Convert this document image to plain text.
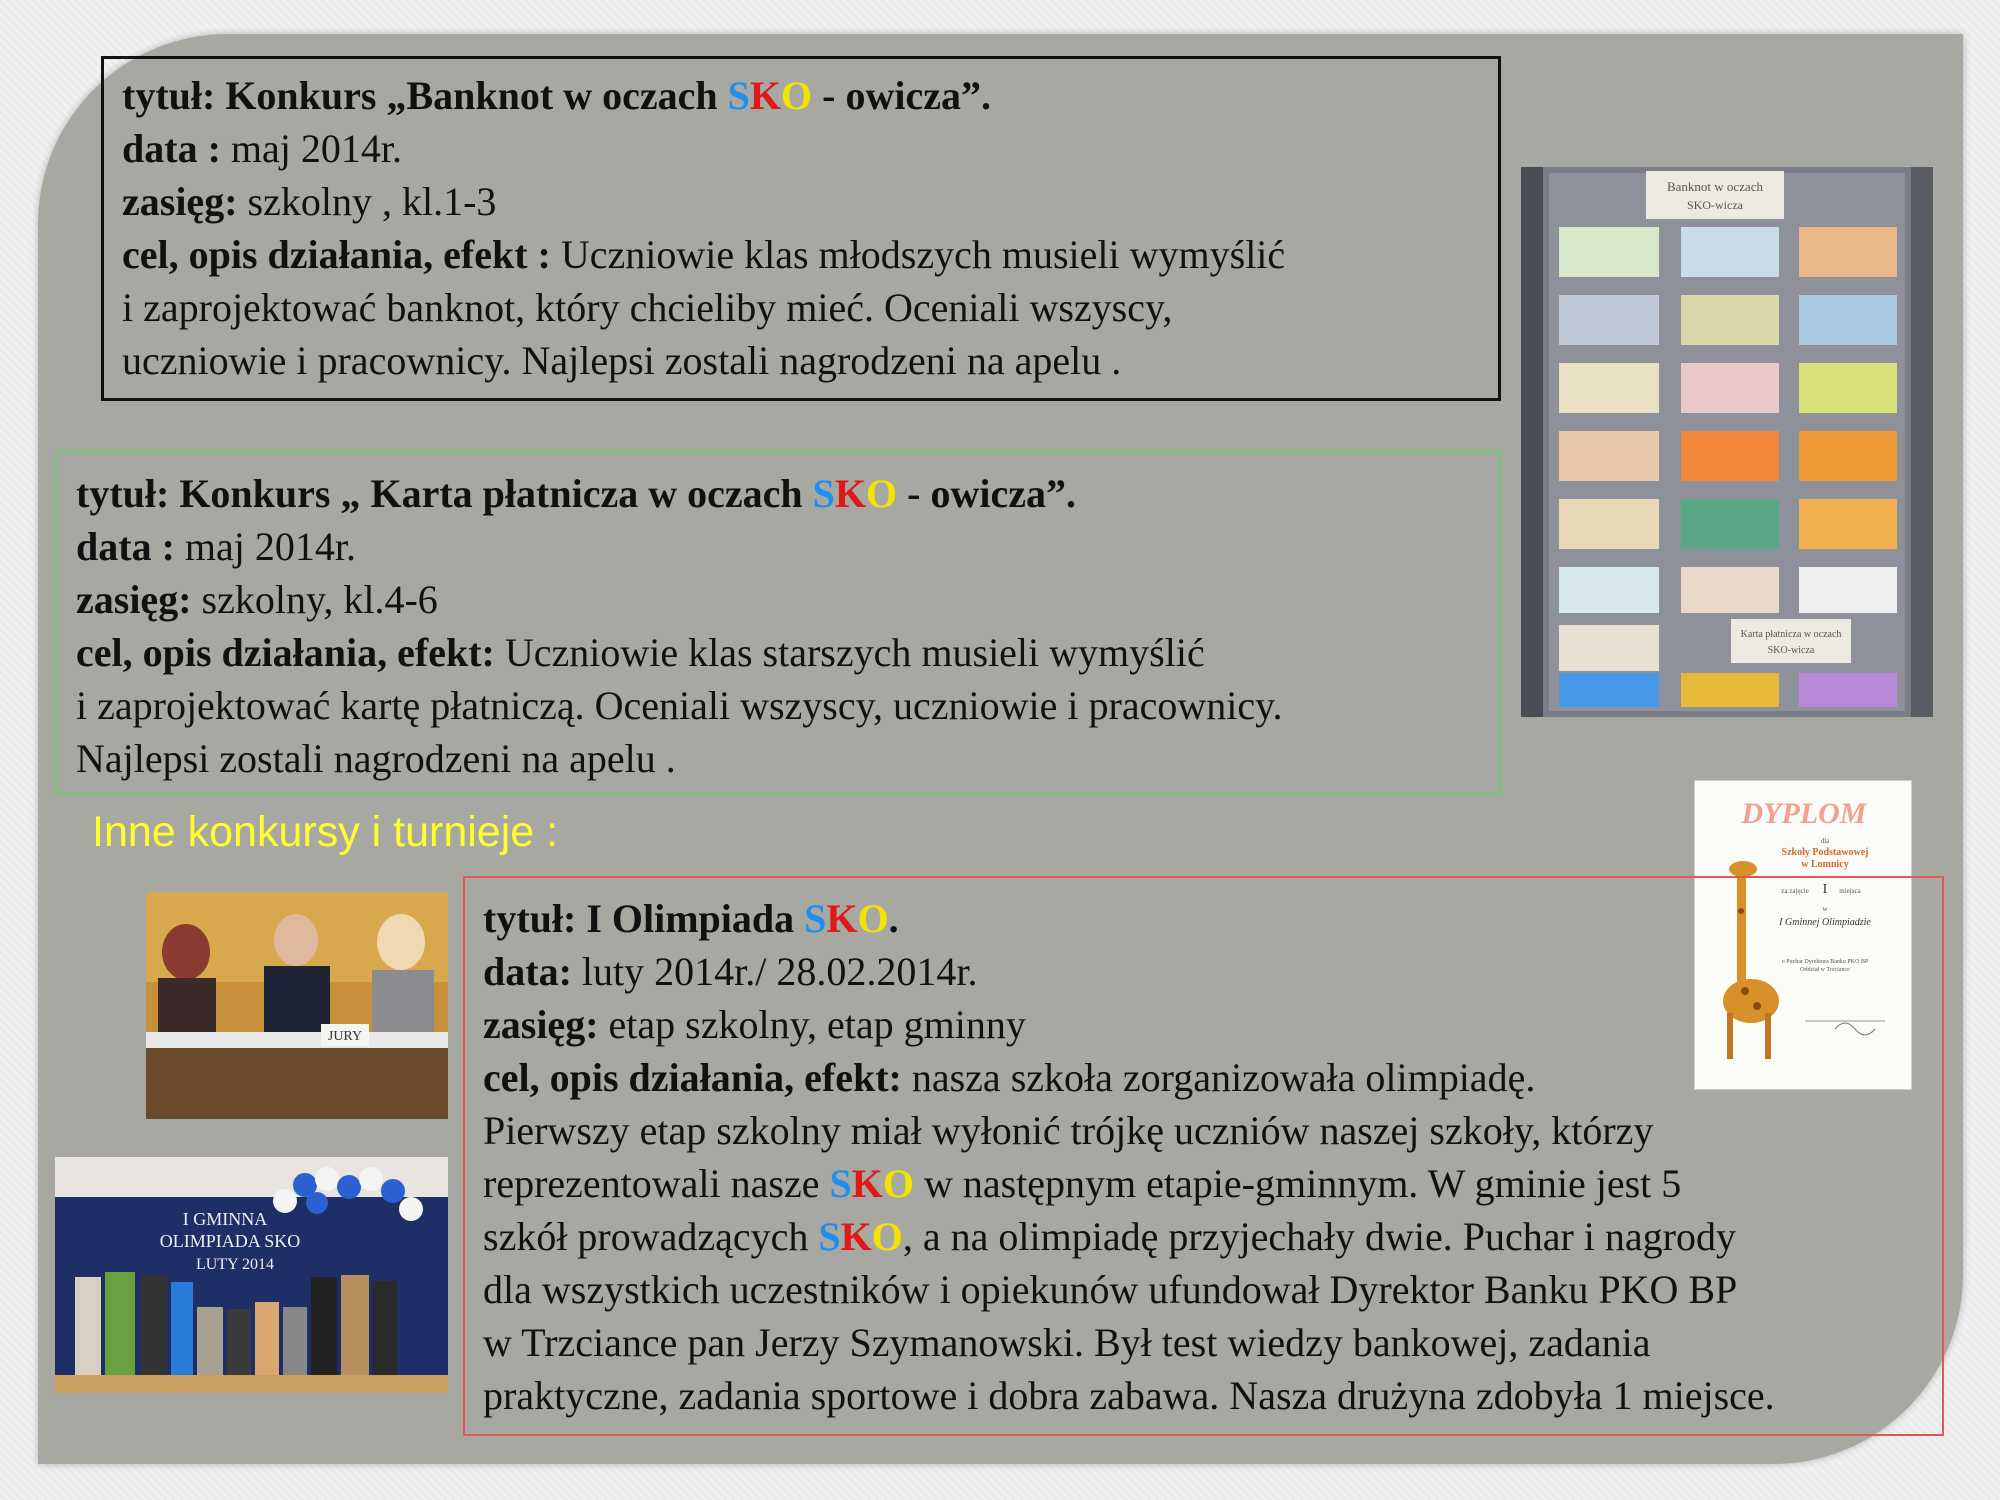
tytuł: Konkurs „Banknot w oczach SKO - owicza”.
data : maj 2014r.
zasięg: szkolny , kl.1-3
cel, opis działania, efekt : Uczniowie klas młodszych musieli wymyślić
i zaprojektować banknot, który chcieliby mieć. Oceniali wszyscy,
uczniowie i pracownicy. Najlepsi zostali nagrodzeni na apelu .
tytuł: Konkurs „ Karta płatnicza w oczach SKO - owicza”.
data : maj 2014r.
zasięg: szkolny, kl.4-6
cel, opis działania, efekt: Uczniowie klas starszych musieli wymyślić
i zaprojektować kartę płatniczą. Oceniali wszyscy, uczniowie i pracownicy.
Najlepsi zostali nagrodzeni na apelu .
Banknot w oczach
SKO-wicza
Karta płatnicza w oczach
SKO-wicza
Inne konkursy i turnieje :	DYPLOM
dla
Szkoły Podstawowej
w Lomnicy
za zajęcie I miejsca
w
I Gminnej Olimpiadzie
o Puchar Dyrektora Banku PKO BP
Oddział w Trzciance
JURY
I GMINNA
OLIMPIADA SKO
LUTY 2014
tytuł: I Olimpiada SKO.
data: luty 2014r./ 28.02.2014r.
zasięg: etap szkolny, etap gminny
cel, opis działania, efekt: nasza szkoła zorganizowała olimpiadę.
Pierwszy etap szkolny miał wyłonić trójkę uczniów naszej szkoły, którzy
reprezentowali nasze SKO w następnym etapie-gminnym. W gminie jest 5
szkół prowadzących SKO, a na olimpiadę przyjechały dwie. Puchar i nagrody
dla wszystkich uczestników i opiekunów ufundował Dyrektor Banku PKO BP
w Trzciance pan Jerzy Szymanowski. Był test wiedzy bankowej, zadania
praktyczne, zadania sportowe i dobra zabawa. Nasza drużyna zdobyła 1 miejsce.
